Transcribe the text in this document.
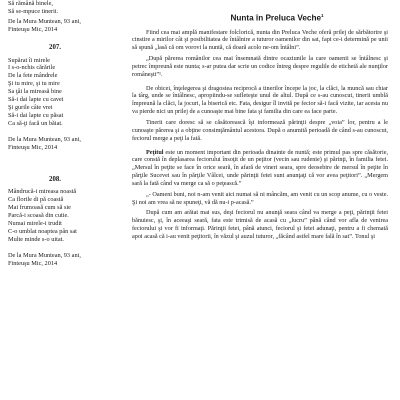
Să rămână binele,
Să se-mpuce tinerii.
De la Mura Muntean, 93 ani,
Finteuşu Mic, 2014
207.
Supărat îi mirele
I s-o-nchis cărările
De la fete mândrele
Şi tu mire, şi tu mire
Sa ţâi la mireasă bine
Să-i dai lapte cu cavei
Şi gurile câte vrei
Să-i dai lapte cu păsat
Ca să-ţi facă un băiat.
De la Mura Muntean, 93 ani,
Finteuşu Mic, 2014
208.
Mândrucă-i mireasa noastă
Ca florile di pă coastă
Mai frumoasă cum să sie
Parcă-i scoasă din cutie.
Numai mirele-i trudit
C-o umblat noaptea pân sat
Multe minde s-o uitat.
De la Mura Muntean, 93 ani,
Finteuşu Mic, 2014
Nunta în Preluca Veche$^1$

Fiind cea mai amplă manifestare folclorică, nunta din Preluca Veche oferă prilej de sărbătorire şi cinstire a mirilor cât şi posibilitatea de întâlnire a tuturor oamenilor din sat, fapt ce-i determină pe unii să spună „lasă că om vorovi la nuntă, că doară acolo ne-om întâlni”.

„După părerea românilor cea mai însemnată dintre ocaziunile la care oamenii se întâlnesc şi petrec împreună este nunta; s-ar putea dar scrie un codice întreg despre regulile de etichetă ale nunţilor româneşti”¹.

De obicei, înţelegerea şi dragostea reciprocă a tinerilor începe la joc, la clăci, la muncă sau chiar la târg, unde se întâlnesc, apropiindu-se sufleteşte unul de altul. După ce s-au cunoscut, tinerii umblă împreună la clăci, la jocuri, la biserică etc. Fata, desigur îl invită pe fecior să-i facă vizite, iar acesta nu va pierde nici un prilej de a cunoaşte mai bine fata şi familia din care ea face parte.

Tinerii care doresc să se căsătorească îşi informează părinţii despre „voia” lor, pentru a le cunoaşte părerea şi a obţine consimţământul acestora. După o anumită perioadă de când s-au cunoscut, feciorul merge a peţi la fată.

Peţitul este un moment important din perioada dinainte de nuntă; este primul pas spre căsătorie, care constă în deplasarea feciorului însoţit de un peţitor (vecin sau rudenie) şi părinţi, în familia fetei. „Mersul în peţite se face în orice seară, în afară de vineri seara, spre deosebire de mersul în peţite în părţile Sucevei sau în părţile Vâlcei, unde părinţii fetei sunt anunţaţi că vor avea peţitori”. „Mergem sară la fată când va merge ca să o peţească.”

„- Oameni buni, noi n-am venit aici numai să ni mâncăm, am venit cu un scop anume, cu o veste. Şi noi am vrea să ne spuneţi, vă dă nu-i p-acasă.”

După cum am arătat mai sus, deşi feciorul nu anunţă seara când va merge a peţi, părinţii fetei bănuiesc, şi, în aceeaşi seară, fata este trimisă de acasă cu „lucru” până când vor afla de venirea feciorului şi vor fi informaţi. Părinţii fetei, până atunci, feciorul şi fetei adunaţi, pentru a fi chemată apoi acasă că i-au venit peţitorii, în văzul şi auzul tuturor, „făcând astfel mare fală în sat”. Tonul şi
